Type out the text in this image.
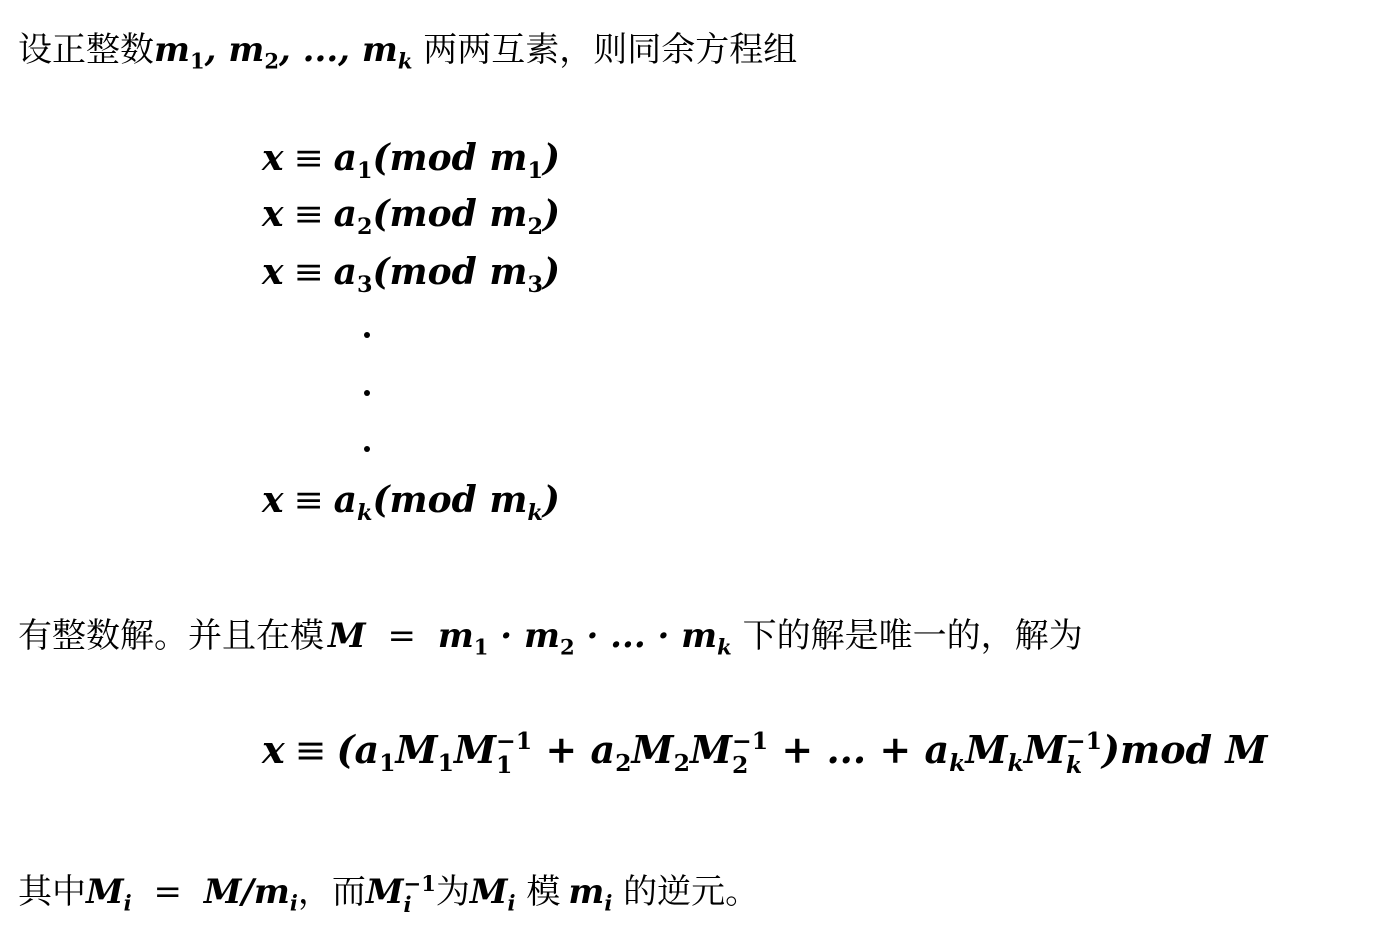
设正整数$m_1$, $m_2$, ..., $m_k$ 两两互素，则同余方程组
$x \equiv a_1(mod$ $m_1$)
$x \equiv a_2(mod$ $m_2$)
$x \equiv a_3(mod$ $m_3$)
$x \equiv a_k(mod$ $m_k$)
有整数解。并且在模 $M = m_1 \cdot m_2$ · ... · $m_k$ 下的解是唯一的，解为
$x \equiv (a_1M_1M -1$
$1 + a_2M_2M -1$
2 + ... + $a_kM_kM -1$
k )mod M
其中$M_i = M/m_i$，而M −1
i 为$M_i$ 模 $m_i$ 的逆元。
